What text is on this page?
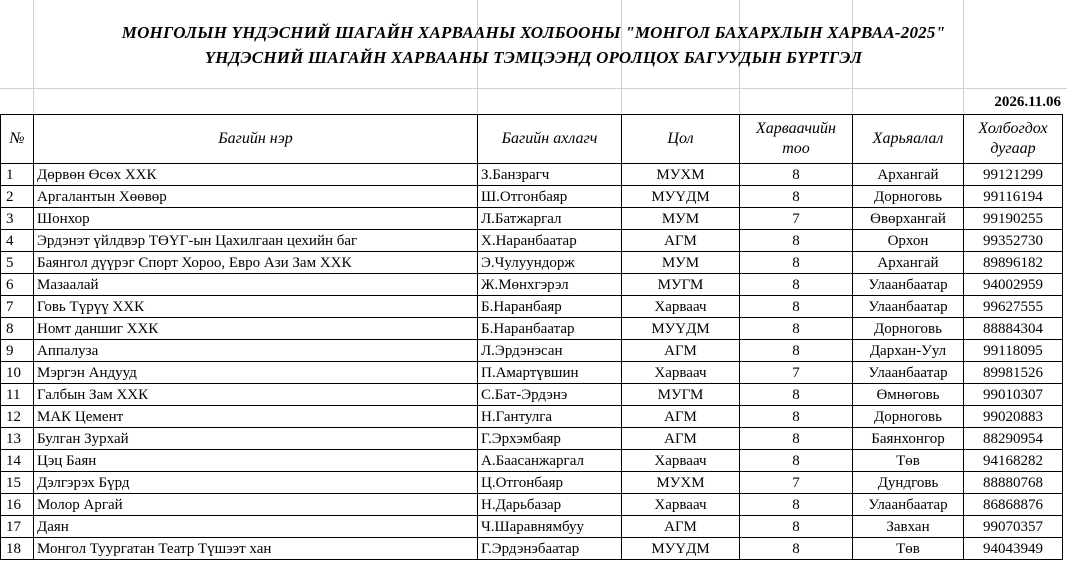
МОНГОЛЫН ҮНДЭСНИЙ ШАГАЙН ХАРВААНЫ ХОЛБООНЫ "МОНГОЛ БАХАРХЛЫН ХАРВАА-2025"
ҮНДЭСНИЙ ШАГАЙН ХАРВААНЫ ТЭМЦЭЭНД ОРОЛЦОХ БАГУУДЫН БҮРТГЭЛ
2026.11.06
№	Багийн нэр	Багийн ахлагч	Цол	Харваачийн тоо	Харьяалал	Холбогдох дугаар
1	Дөрвөн Өсөх ХХК	З.Банзрагч	МУХМ	8	Архангай	99121299
2	Аргалантын Хөөвөр	Ш.Отгонбаяр	МУҮДМ	8	Дорноговь	99116194
3	Шонхор	Л.Батжаргал	МУМ	7	Өвөрхангай	99190255
4	Эрдэнэт үйлдвэр ТӨҮГ-ын Цахилгаан цехийн баг	Х.Наранбаатар	АГМ	8	Орхон	99352730
5	Баянгол дүүрэг Спорт Хороо, Евро Ази Зам ХХК	Э.Чулуундорж	МУМ	8	Архангай	89896182
6	Мазаалай	Ж.Мөнхгэрэл	МУГМ	8	Улаанбаатар	94002959
7	Говь Түрүү ХХК	Б.Наранбаяр	Харваач	8	Улаанбаатар	99627555
8	Номт даншиг ХХК	Б.Наранбаатар	МУҮДМ	8	Дорноговь	88884304
9	Аппалуза	Л.Эрдэнэсан	АГМ	8	Дархан-Уул	99118095
10	Мэргэн Андууд	П.Амартүвшин	Харваач	7	Улаанбаатар	89981526
11	Галбын Зам ХХК	С.Бат-Эрдэнэ	МУГМ	8	Өмнөговь	99010307
12	МАК Цемент	Н.Гантулга	АГМ	8	Дорноговь	99020883
13	Булган Зурхай	Г.Эрхэмбаяр	АГМ	8	Баянхонгор	88290954
14	Цэц Баян	А.Баасанжаргал	Харваач	8	Төв	94168282
15	Дэлгэрэх Бүрд	Ц.Отгонбаяр	МУХМ	7	Дундговь	88880768
16	Молор Аргай	Н.Дарьбазар	Харваач	8	Улаанбаатар	86868876
17	Даян	Ч.Шаравнямбуу	АГМ	8	Завхан	99070357
18	Монгол Туургатан Театр Түшээт хан	Г.Эрдэнэбаатар	МУҮДМ	8	Төв	94043949
